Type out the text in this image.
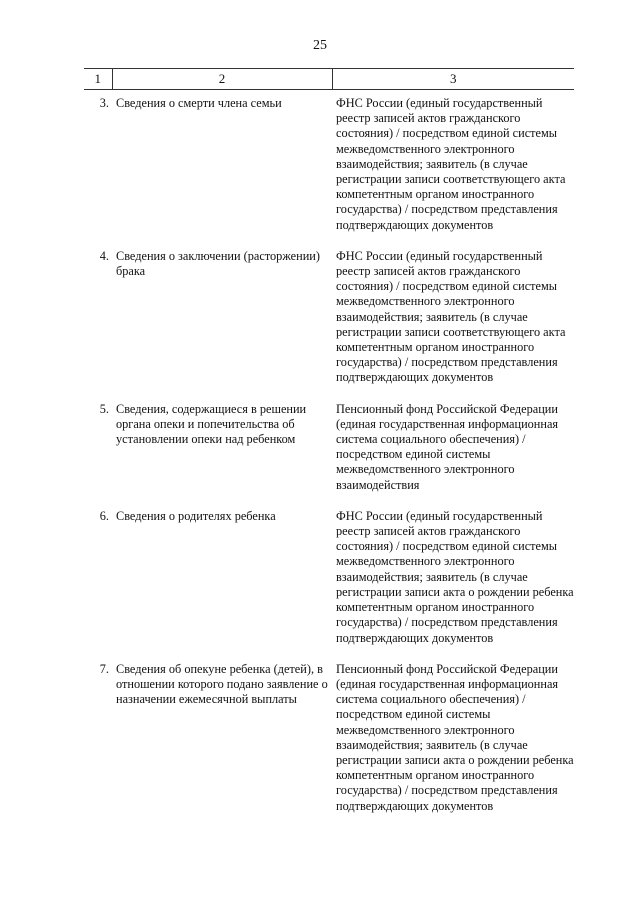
25
1	2	3
3.	Сведения о смерти члена семьи	ФНС России (единый государственный реестр записей актов гражданского состояния) / посредством единой системы межведомственного электронного взаимодействия; заявитель (в случае регистрации записи соответствующего акта компетентным органом иностранного государства) / посредством представления подтверждающих документов
4.	Сведения о заключении (расторжении) брака	ФНС России (единый государственный реестр записей актов гражданского состояния) / посредством единой системы межведомственного электронного взаимодействия; заявитель (в случае регистрации записи соответствующего акта компетентным органом иностранного государства) / посредством представления подтверждающих документов
5.	Сведения, содержащиеся в решении органа опеки и попечительства об установлении опеки над ребенком	Пенсионный фонд Российской Федерации (единая государственная информационная система социального обеспечения) / посредством единой системы межведомственного электронного взаимодействия
6.	Сведения о родителях ребенка	ФНС России (единый государственный реестр записей актов гражданского состояния) / посредством единой системы межведомственного электронного взаимодействия; заявитель (в случае регистрации записи акта о рождении ребенка компетентным органом иностранного государства) / посредством представления подтверждающих документов
7.	Сведения об опекуне ребенка (детей), в отношении которого подано заявление о назначении ежемесячной выплаты	Пенсионный фонд Российской Федерации (единая государственная информационная система социального обеспечения) / посредством единой системы межведомственного электронного взаимодействия; заявитель (в случае регистрации записи акта о рождении ребенка компетентным органом иностранного государства) / посредством представления подтверждающих документов
